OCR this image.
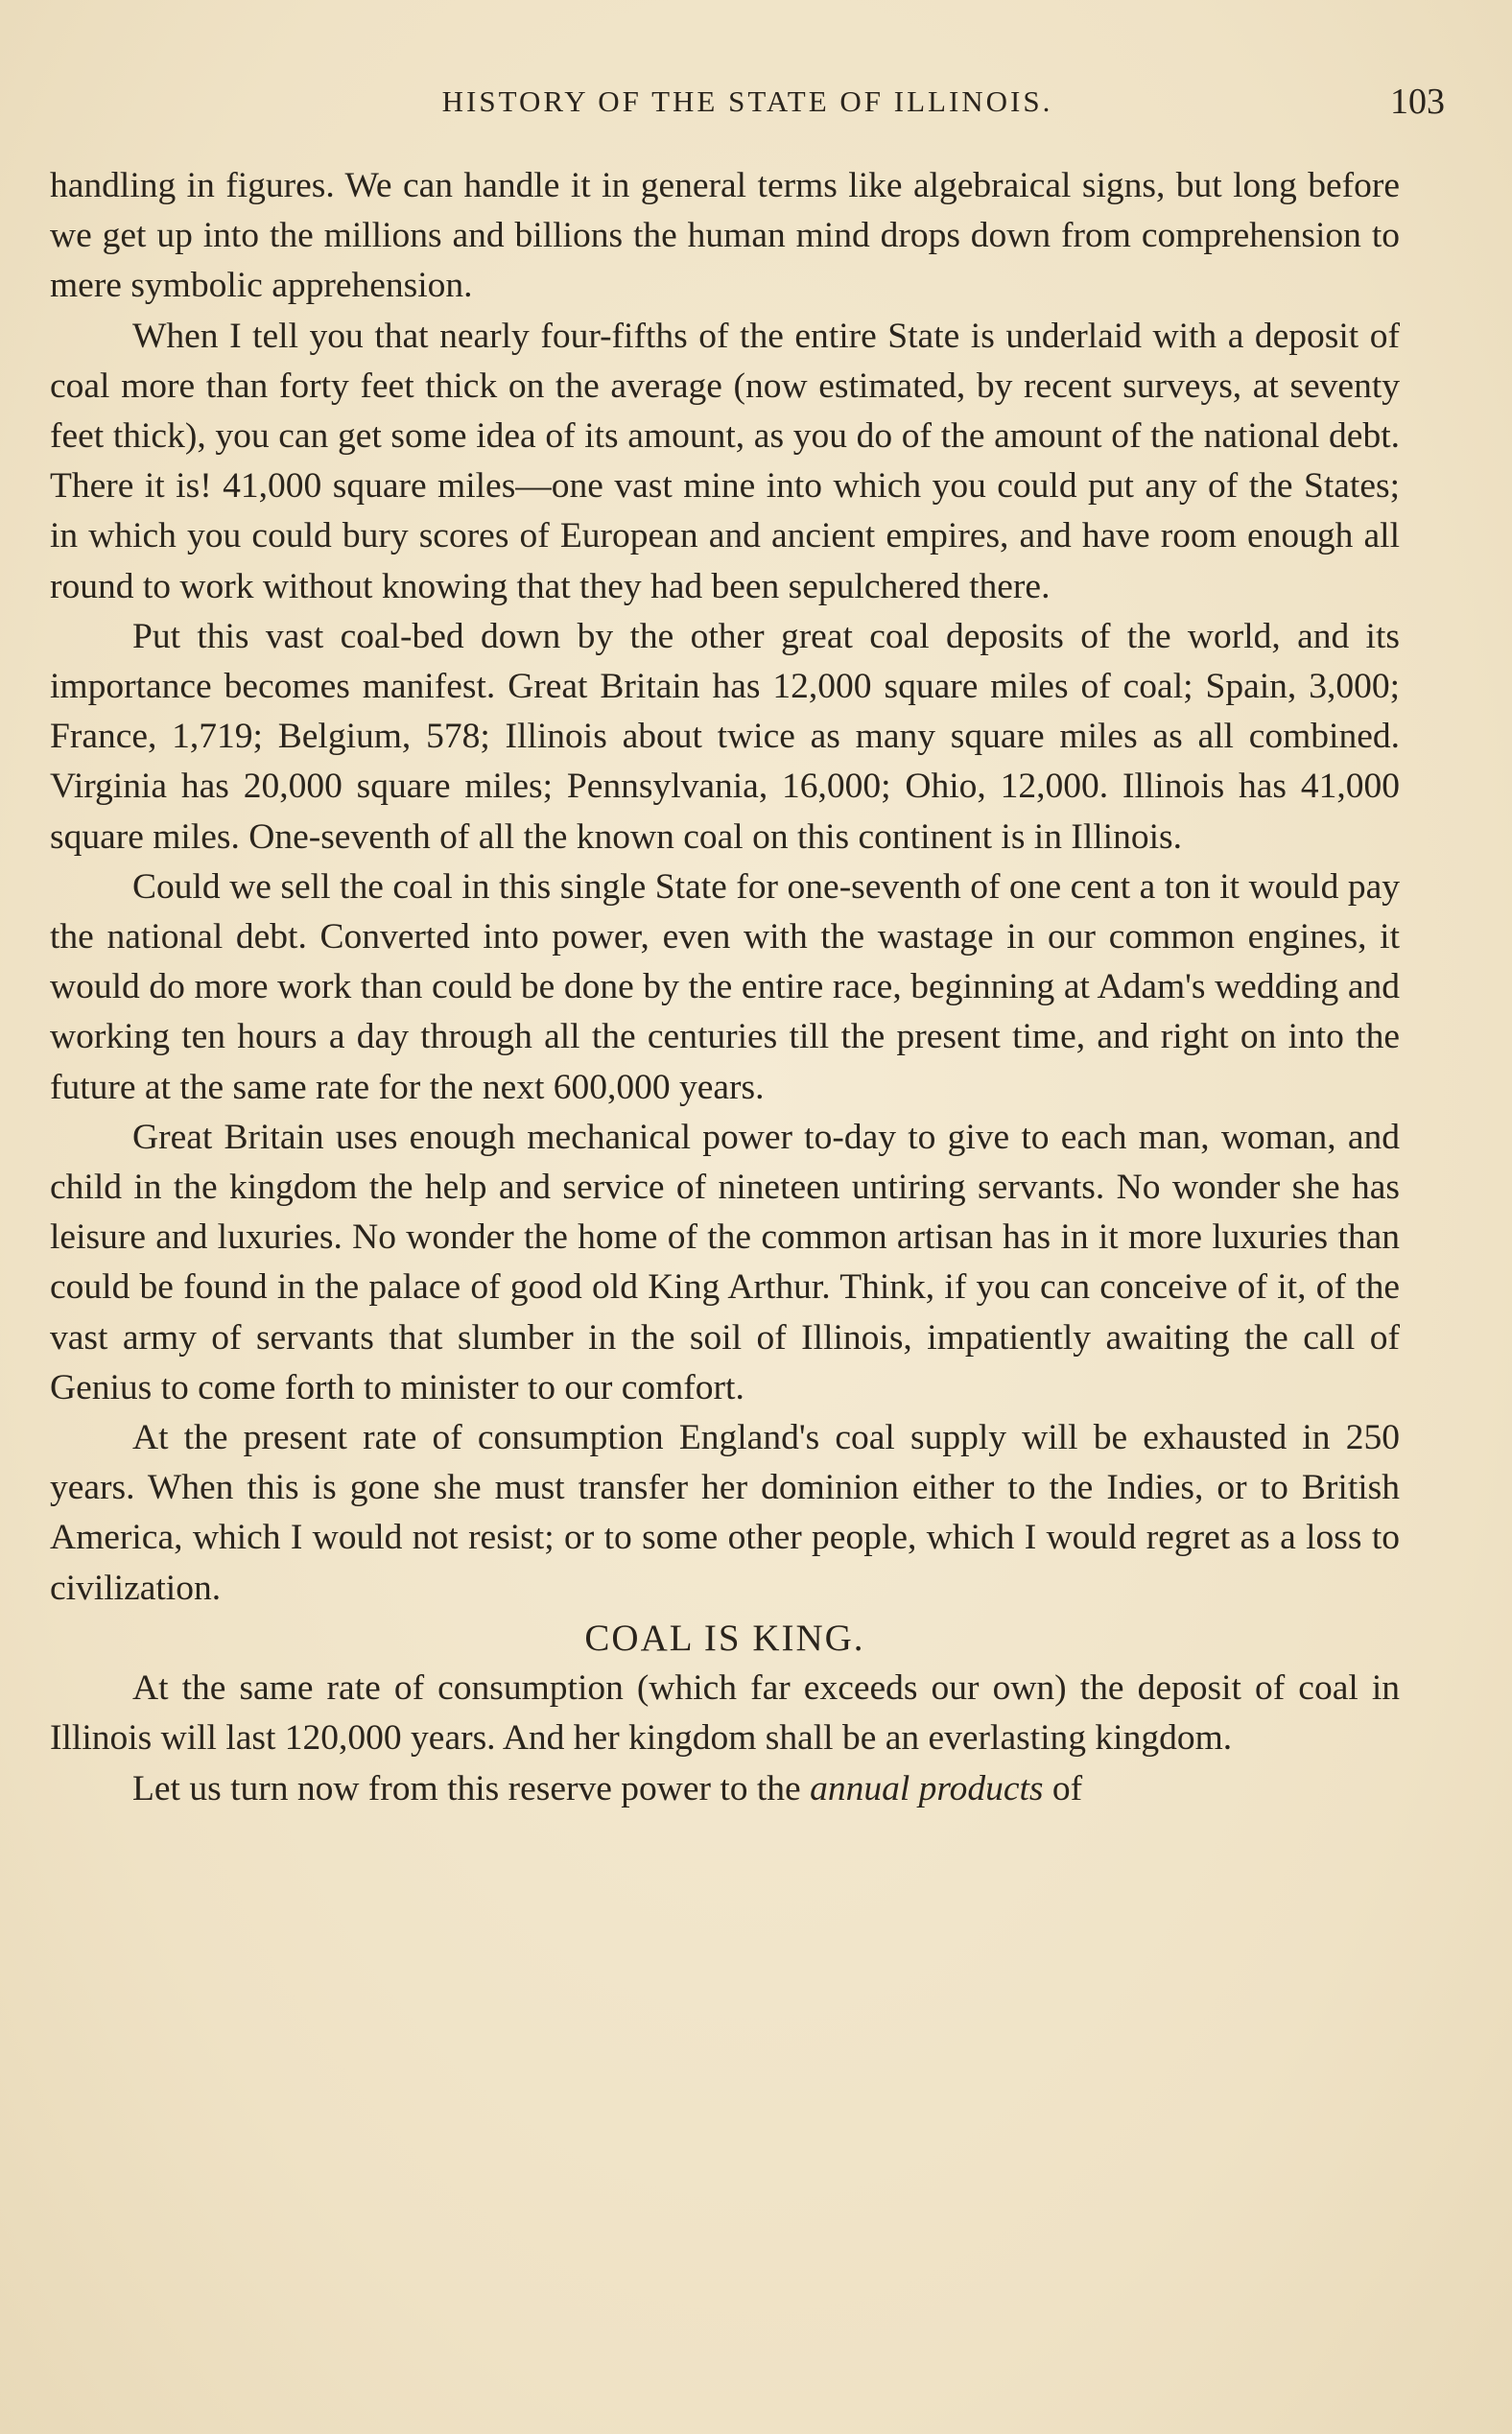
HISTORY OF THE STATE OF ILLINOIS.	103

handling in figures. We can handle it in general terms like algebraical signs, but long before we get up into the millions and billions the human mind drops down from comprehension to mere symbolic apprehension.

When I tell you that nearly four-fifths of the entire State is underlaid with a deposit of coal more than forty feet thick on the average (now estimated, by recent surveys, at seventy feet thick), you can get some idea of its amount, as you do of the amount of the national debt. There it is! 41,000 square miles—one vast mine into which you could put any of the States; in which you could bury scores of European and ancient empires, and have room enough all round to work without knowing that they had been sepulchered there.

Put this vast coal-bed down by the other great coal deposits of the world, and its importance becomes manifest. Great Britain has 12,000 square miles of coal; Spain, 3,000; France, 1,719; Belgium, 578; Illinois about twice as many square miles as all combined. Virginia has 20,000 square miles; Pennsylvania, 16,000; Ohio, 12,000. Illinois has 41,000 square miles. One-seventh of all the known coal on this continent is in Illinois.

Could we sell the coal in this single State for one-seventh of one cent a ton it would pay the national debt. Converted into power, even with the wastage in our common engines, it would do more work than could be done by the entire race, beginning at Adam's wedding and working ten hours a day through all the centuries till the present time, and right on into the future at the same rate for the next 600,000 years.

Great Britain uses enough mechanical power to-day to give to each man, woman, and child in the kingdom the help and service of nineteen untiring servants. No wonder she has leisure and luxuries. No wonder the home of the common artisan has in it more luxuries than could be found in the palace of good old King Arthur. Think, if you can conceive of it, of the vast army of servants that slumber in the soil of Illinois, impatiently awaiting the call of Genius to come forth to minister to our comfort.

At the present rate of consumption England's coal supply will be exhausted in 250 years. When this is gone she must transfer her dominion either to the Indies, or to British America, which I would not resist; or to some other people, which I would regret as a loss to civilization.

COAL IS KING.

At the same rate of consumption (which far exceeds our own) the deposit of coal in Illinois will last 120,000 years. And her kingdom shall be an everlasting kingdom.

Let us turn now from this reserve power to the annual products of
